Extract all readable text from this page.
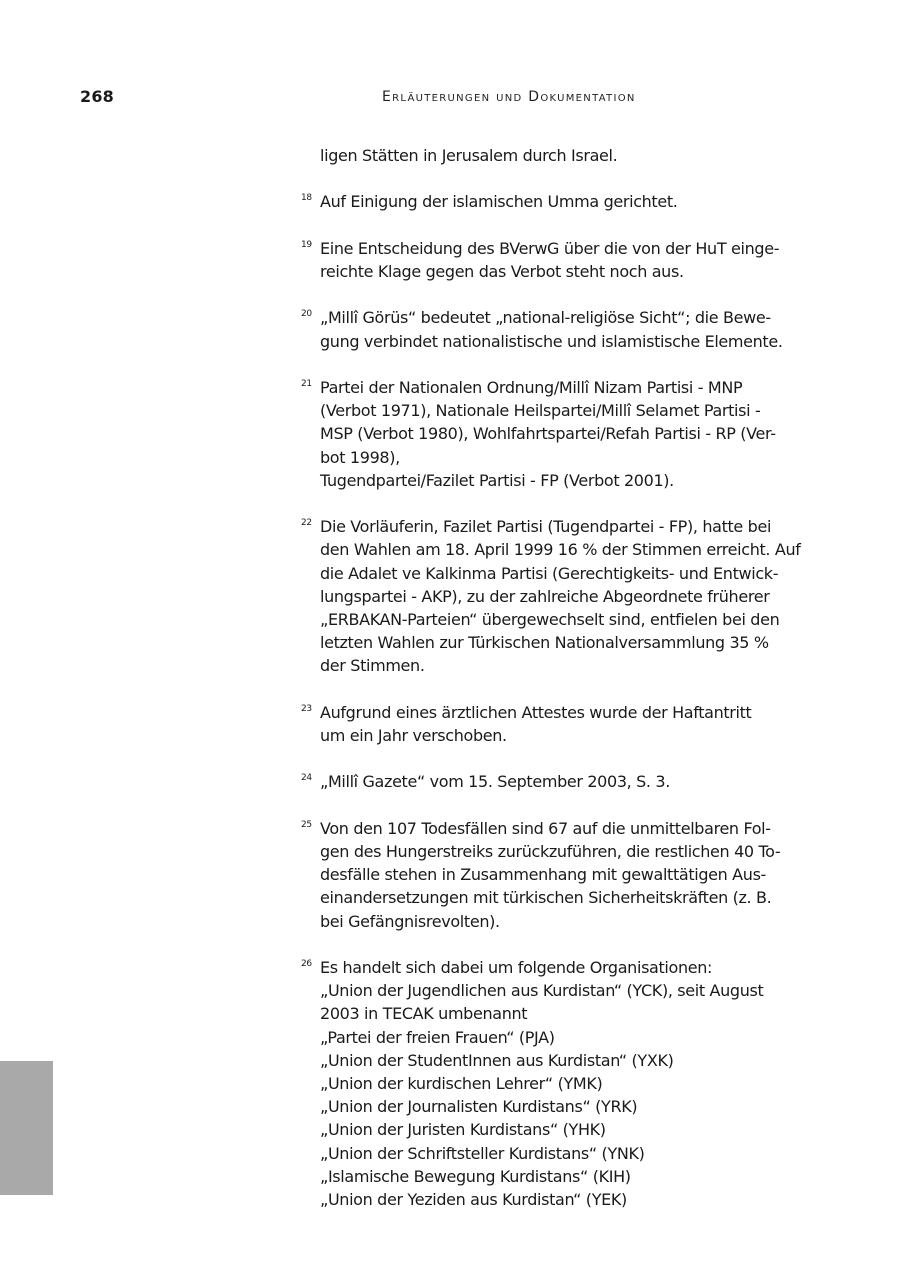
268	Erläuterungen und Dokumentation
ligen Stätten in Jerusalem durch Israel.
18 Auf Einigung der islamischen Umma gerichtet.
19 Eine Entscheidung des BVerwG über die von der HuT einge-
reichte Klage gegen das Verbot steht noch aus.
20 „Millî Görüs“ bedeutet „national-religiöse Sicht“; die Bewe-
gung verbindet nationalistische und islamistische Elemente.
21 Partei der Nationalen Ordnung/Millî Nizam Partisi - MNP
(Verbot 1971), Nationale Heilspartei/Millî Selamet Partisi -
MSP (Verbot 1980), Wohlfahrtspartei/Refah Partisi - RP (Ver-
bot 1998),
Tugendpartei/Fazilet Partisi - FP (Verbot 2001).
22 Die Vorläuferin, Fazilet Partisi (Tugendpartei - FP), hatte bei
den Wahlen am 18. April 1999 16 % der Stimmen erreicht. Auf
die Adalet ve Kalkinma Partisi (Gerechtigkeits- und Entwick-
lungspartei - AKP), zu der zahlreiche Abgeordnete früherer
„ERBAKAN-Parteien“ übergewechselt sind, entfielen bei den
letzten Wahlen zur Türkischen Nationalversammlung 35 %
der Stimmen.
23 Aufgrund eines ärztlichen Attestes wurde der Haftantritt
um ein Jahr verschoben.
24 „Millî Gazete“ vom 15. September 2003, S. 3.
25 Von den 107 Todesfällen sind 67 auf die unmittelbaren Fol-
gen des Hungerstreiks zurückzuführen, die restlichen 40 To-
desfälle stehen in Zusammenhang mit gewalttätigen Aus-
einandersetzungen mit türkischen Sicherheitskräften (z. B.
bei Gefängnisrevolten).
26 Es handelt sich dabei um folgende Organisationen:
„Union der Jugendlichen aus Kurdistan“ (YCK), seit August
2003 in TECAK umbenannt
„Partei der freien Frauen“ (PJA)
„Union der StudentInnen aus Kurdistan“ (YXK)
„Union der kurdischen Lehrer“ (YMK)
„Union der Journalisten Kurdistans“ (YRK)
„Union der Juristen Kurdistans“ (YHK)
„Union der Schriftsteller Kurdistans“ (YNK)
„Islamische Bewegung Kurdistans“ (KIH)
„Union der Yeziden aus Kurdistan“ (YEK)
